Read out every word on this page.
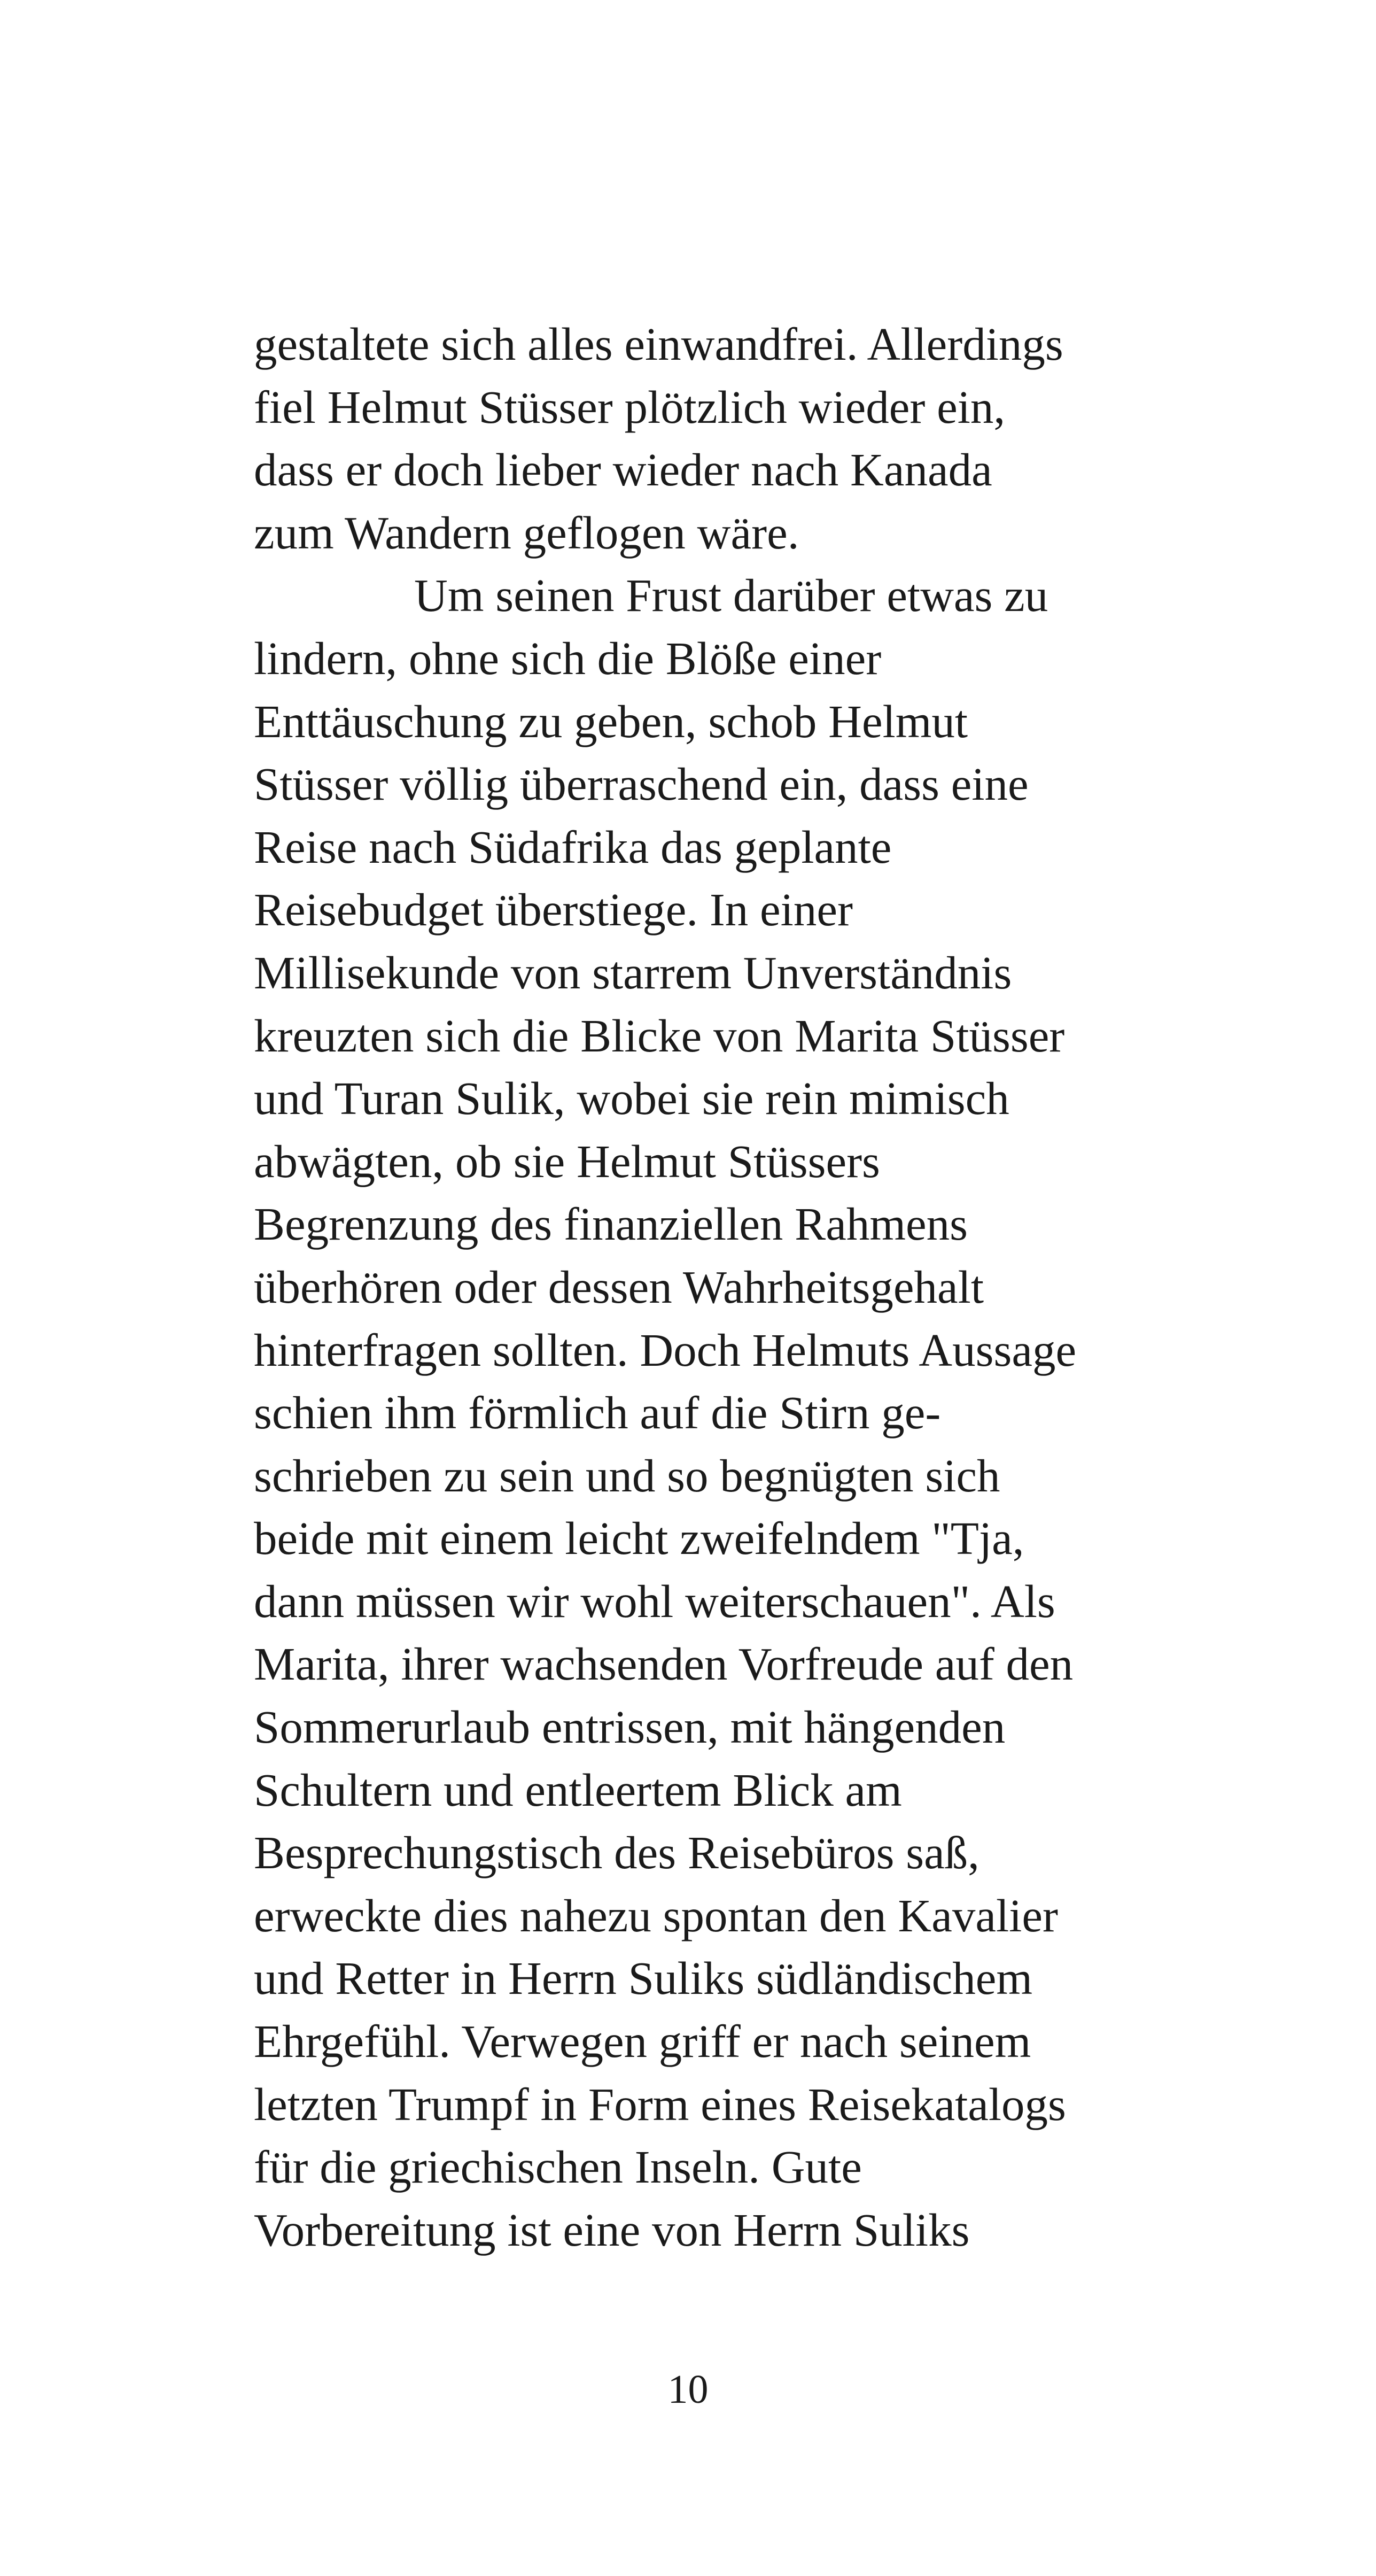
gestaltete sich alles einwandfrei. Allerdings
fiel Helmut Stüsser plötzlich wieder ein,
dass er doch lieber wieder nach Kanada
zum Wandern geflogen wäre.
Um seinen Frust darüber etwas zu
lindern, ohne sich die Blöße einer
Enttäuschung zu geben, schob Helmut
Stüsser völlig überraschend ein, dass eine
Reise nach Südafrika das geplante
Reisebudget überstiege. In einer
Millisekunde von starrem Unverständnis
kreuzten sich die Blicke von Marita Stüsser
und Turan Sulik, wobei sie rein mimisch
abwägten, ob sie Helmut Stüssers
Begrenzung des finanziellen Rahmens
überhören oder dessen Wahrheitsgehalt
hinterfragen sollten. Doch Helmuts Aussage
schien ihm förmlich auf die Stirn ge-
schrieben zu sein und so begnügten sich
beide mit einem leicht zweifelndem "Tja,
dann müssen wir wohl weiterschauen". Als
Marita, ihrer wachsenden Vorfreude auf den
Sommerurlaub entrissen, mit hängenden
Schultern und entleertem Blick am
Besprechungstisch des Reisebüros saß,
erweckte dies nahezu spontan den Kavalier
und Retter in Herrn Suliks südländischem
Ehrgefühl. Verwegen griff er nach seinem
letzten Trumpf in Form eines Reisekatalogs
für die griechischen Inseln. Gute
Vorbereitung ist eine von Herrn Suliks
10
